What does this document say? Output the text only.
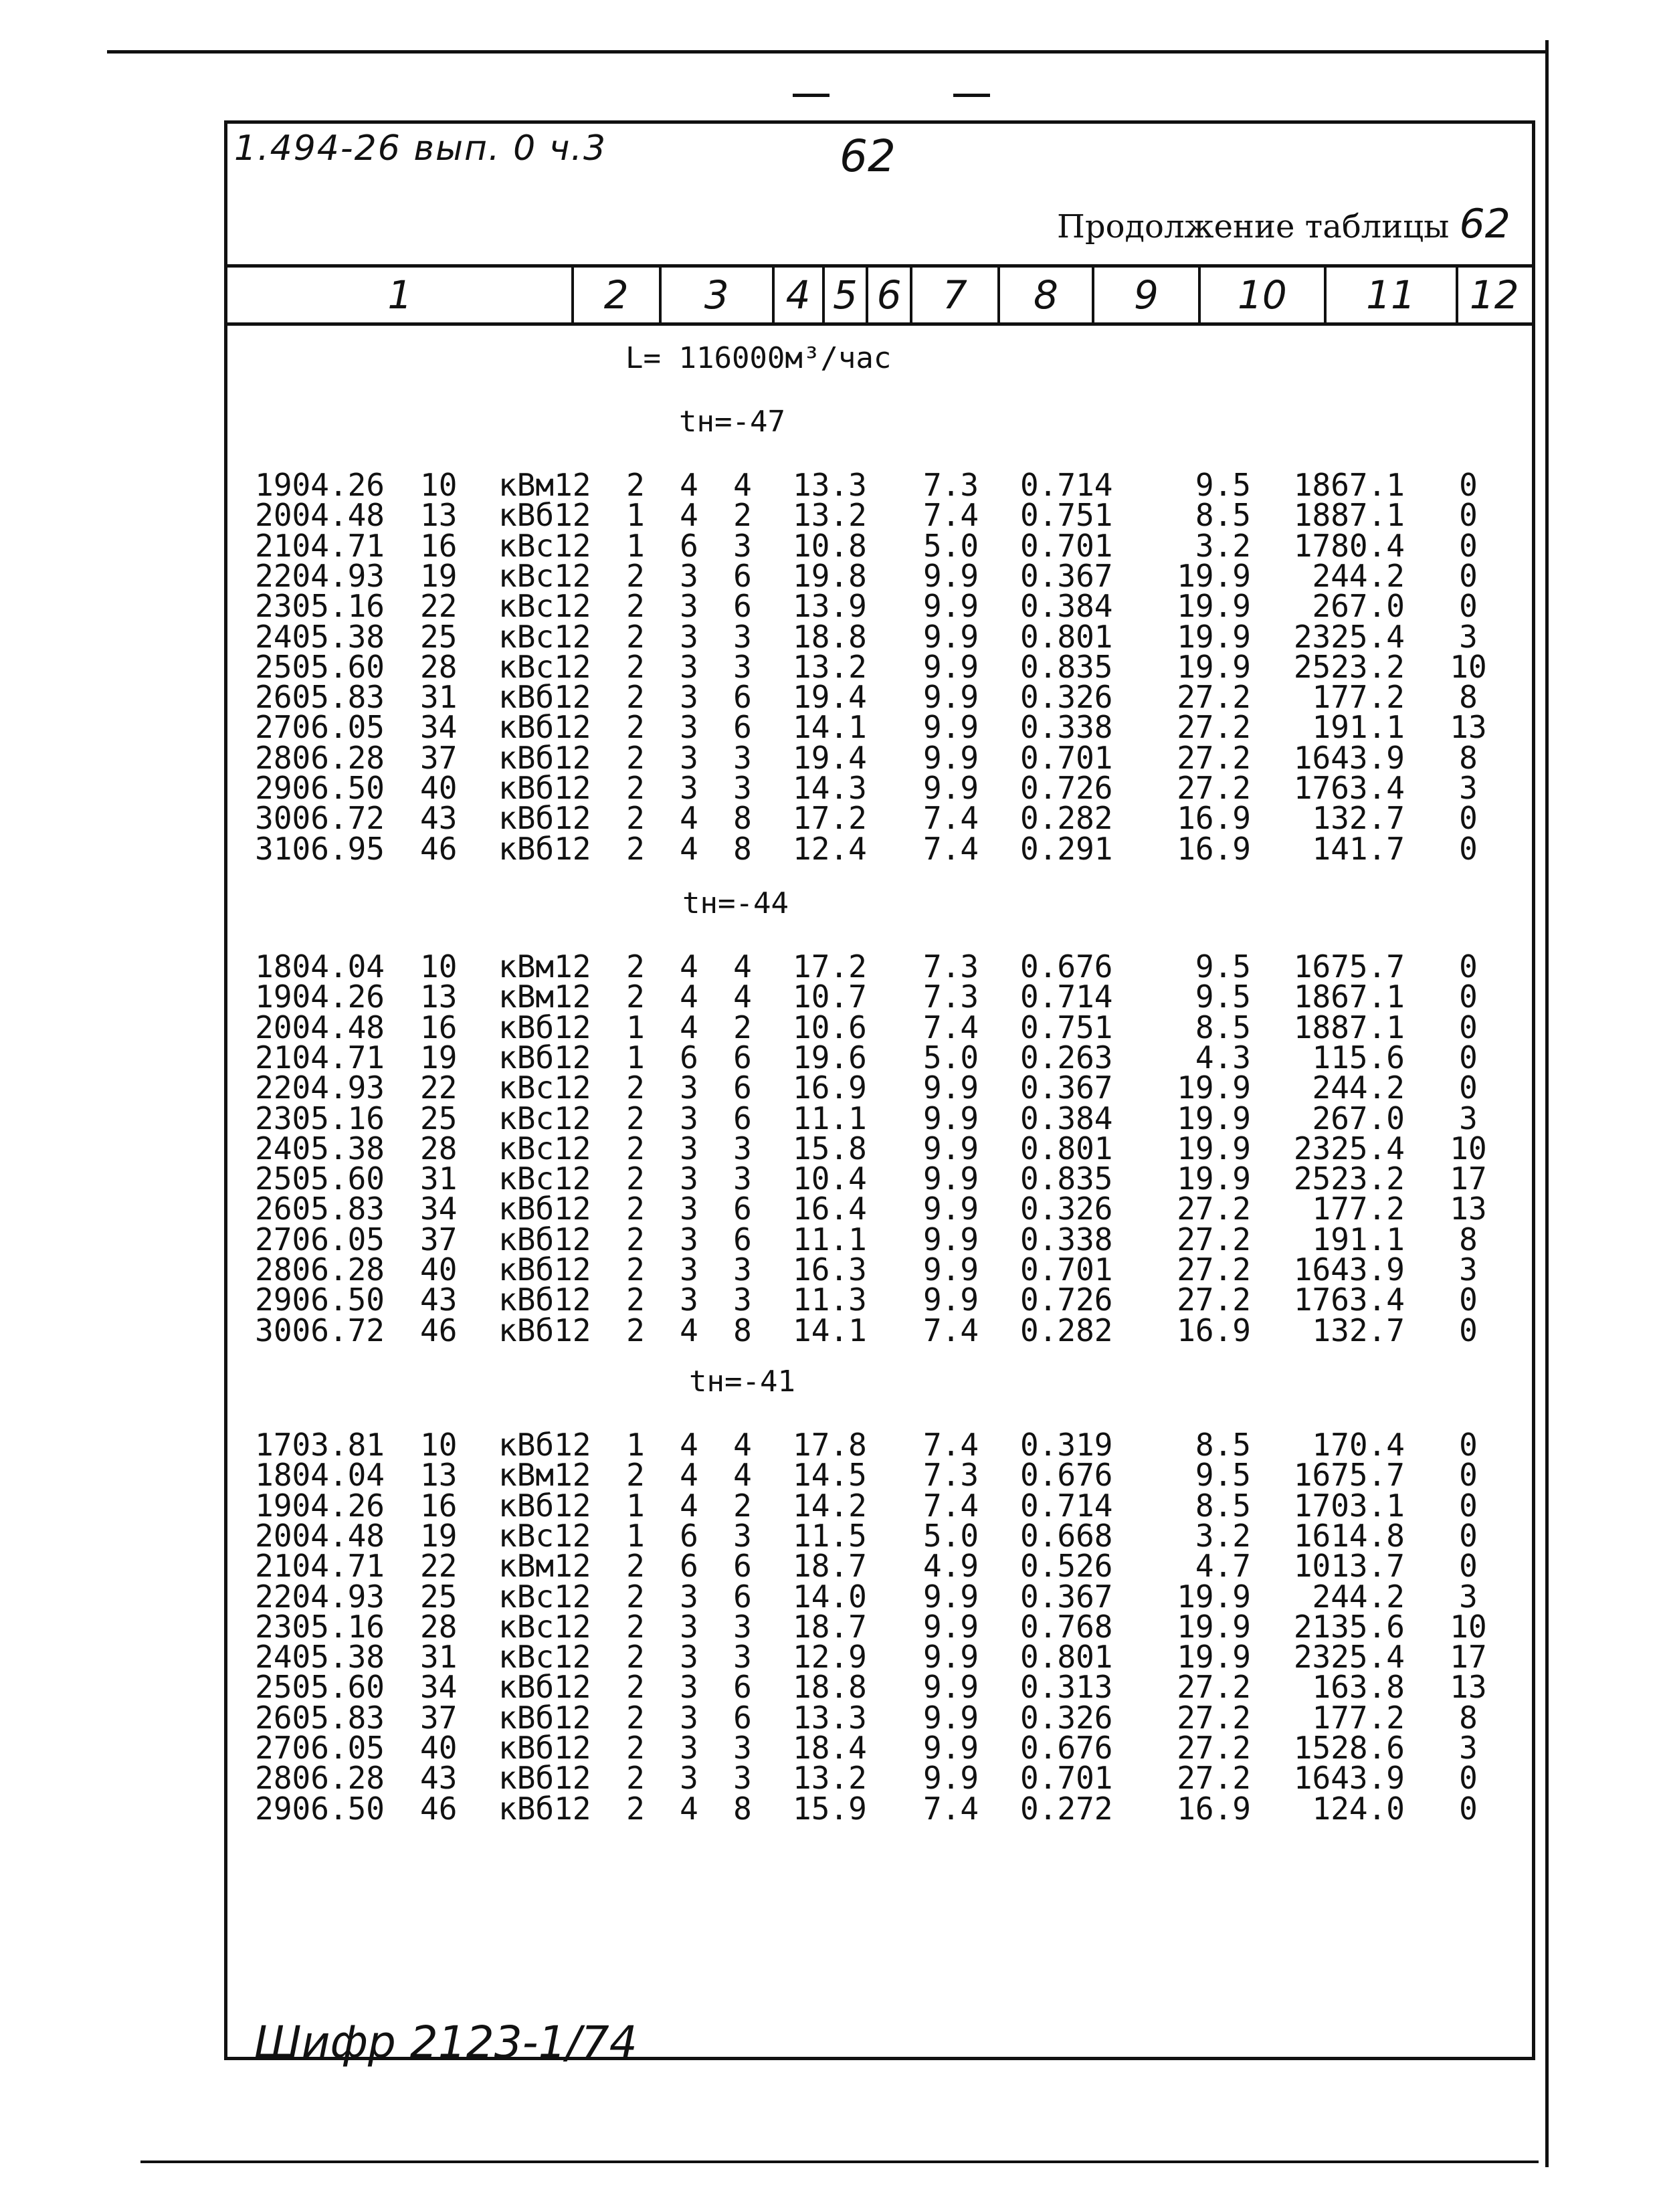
1.494-26 вып. 0 ч.3	62
Продолжение таблицы 62
1	2	3	4 5 6	7	8	9	10	11	12
L= 116000м³/час
tн=-47
1904.26 10	кВм12	2 4 4 13.3	7.3	0.714	9.5	1867.1	0
2004.48 13	кВб12	1 4 2 13.2	7.4	0.751	8.5	1887.1	0
2104.71 16	кВс12	1 6 3 10.8	5.0	0.701	3.2	1780.4	0
2204.93 19	кВс12	2 3 6 19.8	9.9	0.367	19.9	244.2	0
2305.16 22	кВс12	2 3 6 13.9	9.9	0.384	19.9	267.0	0
2405.38 25	кВс12	2 3 3 18.8	9.9	0.801	19.9	2325.4	3
2505.60 28	кВс12	2 3 3 13.2	9.9	0.835	19.9	2523.2 10
2605.83 31	кВб12	2 3 6 19.4	9.9	0.326	27.2	177.2	8
2706.05 34	кВб12	2 3 6 14.1	9.9	0.338	27.2	191.1 13
2806.28 37	кВб12	2 3 3 19.4	9.9	0.701	27.2	1643.9	8
2906.50 40	кВб12	2 3 3 14.3	9.9	0.726	27.2	1763.4	3
3006.72 43	кВб12	2 4 8 17.2	7.4	0.282	16.9	132.7	0
3106.95 46	кВб12	2 4 8 12.4	7.4	0.291	16.9	141.7	0
tн=-44
1804.04 10	кВм12	2 4 4 17.2	7.3	0.676	9.5	1675.7	0
1904.26 13	кВм12	2 4 4 10.7	7.3	0.714	9.5	1867.1	0
2004.48 16	кВб12	1 4 2 10.6	7.4	0.751	8.5	1887.1	0
2104.71 19	кВб12	1 6 6 19.6	5.0	0.263	4.3	115.6	0
2204.93 22	кВс12	2 3 6 16.9	9.9	0.367	19.9	244.2	0
2305.16 25	кВс12	2 3 6 11.1	9.9	0.384	19.9	267.0	3
2405.38 28	кВс12	2 3 3 15.8	9.9	0.801	19.9	2325.4 10
2505.60 31	кВс12	2 3 3 10.4	9.9	0.835	19.9	2523.2 17
2605.83 34	кВб12	2 3 6 16.4	9.9	0.326	27.2	177.2 13
2706.05 37	кВб12	2 3 6 11.1	9.9	0.338	27.2	191.1	8
2806.28 40	кВб12	2 3 3 16.3	9.9	0.701	27.2	1643.9	3
2906.50 43	кВб12	2 3 3 11.3	9.9	0.726	27.2	1763.4	0
3006.72 46	кВб12	2 4 8 14.1	7.4	0.282	16.9	132.7	0
tн=-41
1703.81 10	кВб12	1 4 4 17.8	7.4	0.319	8.5	170.4	0
1804.04 13	кВм12	2 4 4 14.5	7.3	0.676	9.5	1675.7	0
1904.26 16	кВб12	1 4 2 14.2	7.4	0.714	8.5	1703.1	0
2004.48 19	кВс12	1 6 3 11.5	5.0	0.668	3.2	1614.8	0
2104.71 22	кВм12	2 6 6 18.7	4.9	0.526	4.7	1013.7	0
2204.93 25	кВс12	2 3 6 14.0	9.9	0.367	19.9	244.2	3
2305.16 28	кВс12	2 3 3 18.7	9.9	0.768	19.9	2135.6 10
2405.38 31	кВс12	2 3 3 12.9	9.9	0.801	19.9	2325.4 17
2505.60 34	кВб12	2 3 6 18.8	9.9	0.313	27.2	163.8 13
2605.83 37	кВб12	2 3 6 13.3	9.9	0.326	27.2	177.2	8
2706.05 40	кВб12	2 3 3 18.4	9.9	0.676	27.2	1528.6	3
2806.28 43	кВб12	2 3 3 13.2	9.9	0.701	27.2	1643.9	0
2906.50 46	кВб12	2 4 8 15.9	7.4	0.272	16.9	124.0	0
Шифр 2123-1/74
